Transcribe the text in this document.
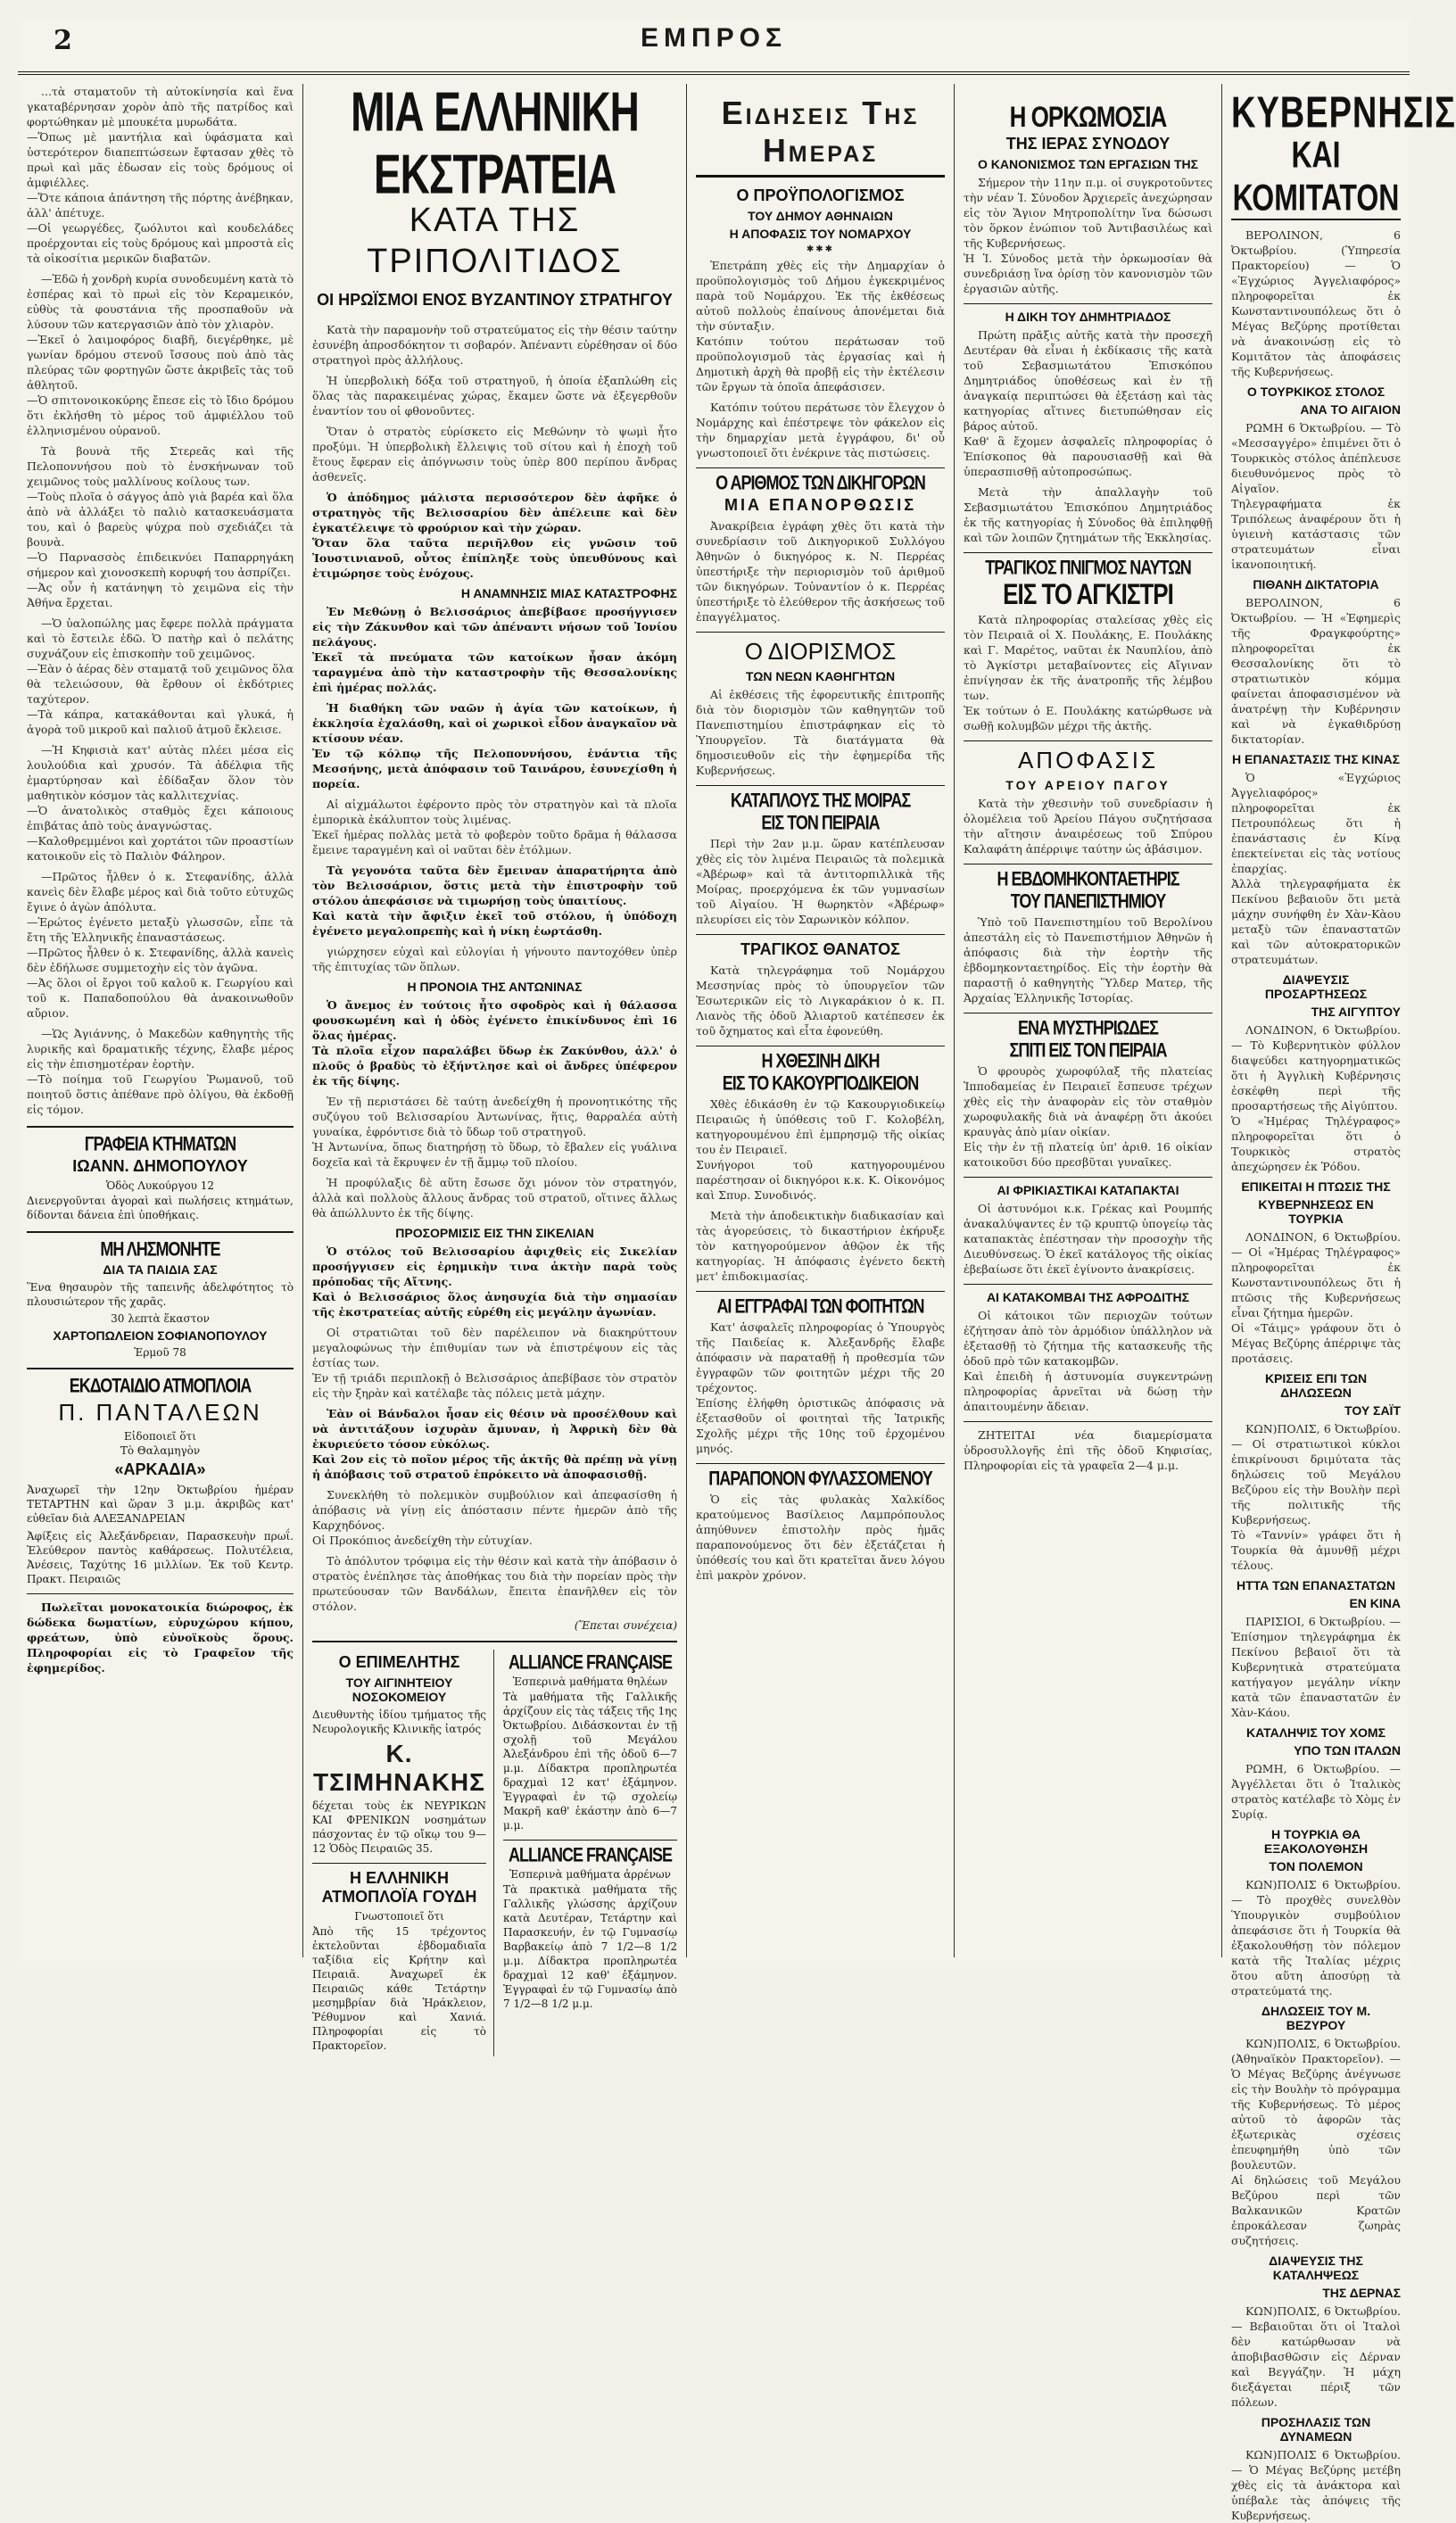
2	ΕΜΠΡΟΣ

...τὰ σταματοῦν τὴ αὐτοκίνησία καὶ ἕνα γκαταβέρνησαν χορὸν ἀπὸ τῆς πατρίδος καὶ φορτώθηκαν μὲ μπουκέτα μυρωδάτα.
—Ὅπως μὲ μαντήλια καὶ ὑφάσματα καὶ ὑστερότερον διαπεπτώσεων ἔφτασαν χθὲς τὸ πρωὶ καὶ μᾶς ἐδωσαν εἰς τοὺς δρόμους οἱ ἀμφιέλλες.
—Ὅτε κάποια ἀπάντηση τῆς πόρτης ἀνέβηκαν, ἀλλ' ἀπέτυχε.
—Οἱ γεωργέδες, ζωόλυτοι καὶ κουδελάδες προέρχονται εἰς τοὺς δρόμους καὶ μπροστὰ εἰς τὰ οἰκοσίτια μερικῶν διαβατῶν.

—Ἐδῶ ἡ χονδρὴ κυρία συνοδευμένη κατὰ τὸ ἐσπέρας καὶ τὸ πρωὶ εἰς τὸν Κεραμεικόν, εὐθὺς τὰ φουστάνια τῆς προσπαθοῦν νὰ λύσουν τῶν κατεργασιῶν ἀπὸ τὸν χλιαρὸν.
—Ἐκεῖ ὁ λαιμοφόρος διαβῆ, διεγέρθηκε, μὲ γωνίαν δρόμου στενοῦ ἴσσους ποὺ ἀπὸ τὰς πλεύρας τῶν φορτηγῶν ὥστε ἀκριβεῖς τὰς τοῦ ἀθλητοῦ.
—Ὁ σπιτονοικοκύρης ἔπεσε εἰς τὸ ἴδιο δρόμου ὅτι ἐκλήσθη τὸ μέρος τοῦ ἀμφιέλλου τοῦ ἐλληνισμένου οὐρανοῦ.

Τὰ βουνὰ τῆς Στερεᾶς καὶ τῆς Πελοποννήσου ποὺ τὸ ἐνσκήνωναν τοῦ χειμῶνος τοὺς μαλλίνους κοίλους των.
—Τοὺς πλοῖα ὁ σάγγος ἀπὸ γιὰ βαρέα καὶ ὅλα ἀπὸ νὰ ἀλλάξει τὸ παλιὸ κατασκευάσματα του, καὶ ὁ βαρεὺς ψύχρα ποὺ σχεδιάζει τὰ βουνὰ.
—Ὁ Παρνασσὸς ἐπιδεικνύει Παπαρρηγάκη σήμερον καὶ χιονοσκεπὴ κορυφή του ἀσπρίζει.
—Ἀς οὖν ἡ κατάνηψη τὸ χειμῶνα εἰς τὴν Ἀθήνα ἔρχεται.

—Ὁ ὑαλοπώλης μας ἔφερε πολλὰ πράγματα καὶ τὸ ἔστειλε ἐδῶ. Ὁ πατὴρ καὶ ὁ πελάτης συχνάζουν εἰς ἐπισκοπὴν τοῦ χειμῶνος.
—Ἐὰν ὁ ἀέρας δὲν σταματᾷ τοῦ χειμῶνος ὅλα θὰ τελειώσουν, θὰ ἔρθουν οἱ ἐκδότριες ταχύτερον.
—Τὰ κάπρα, κατακάθονται καὶ γλυκά, ἡ ἀγορὰ τοῦ μικροῦ καὶ παλιοῦ ἀτμοῦ ἔκλεισε.

—Ἡ Κηφισιὰ κατ' αὐτὰς πλέει μέσα εἰς λουλούδια καὶ χρυσόν. Τὰ ἀδέλφια τῆς ἐμαρτύρησαν καὶ ἐδίδαξαν ὅλον τὸν μαθητικὸν κόσμον τὰς καλλιτεχνίας.
—Ὁ ἀνατολικὸς σταθμὸς ἔχει κάποιους ἐπιβάτας ἀπὸ τοὺς ἀναγνώστας.
—Καλοθρεμμένοι καὶ χορτάτοι τῶν προαστίων κατοικοῦν εἰς τὸ Παλιὸν Φάληρον.

—Πρῶτος ἦλθεν ὁ κ. Στεφανίδης, ἀλλὰ κανεὶς δὲν ἔλαβε μέρος καὶ διὰ τοῦτο εὐτυχῶς ἔγινε ὁ ἀγὼν ἀπόλυτα.
—Ἐρώτος ἐγένετο μεταξὺ γλωσσῶν, εἶπε τὰ ἔτη τῆς Ἑλληνικῆς ἐπαναστάσεως.
—Πρῶτος ἦλθεν ὁ κ. Στεφανίδης, ἀλλὰ κανεὶς δὲν ἐδήλωσε συμμετοχὴν εἰς τὸν ἀγῶνα.
—Ἀς ὅλοι οἱ ἔργοι τοῦ καλοῦ κ. Γεωργίου καὶ τοῦ κ. Παπαδοπούλου θὰ ἀνακοινωθοῦν αὔριον.

—Ὡς Ἀγιάννης, ὁ Μακεδὼν καθηγητὴς τῆς λυρικῆς καὶ δραματικῆς τέχνης, ἔλαβε μέρος εἰς τὴν ἐπισημοτέραν ἑορτὴν.
—Τὸ ποίημα τοῦ Γεωργίου Ῥωμανοῦ, τοῦ ποιητοῦ ὅστις ἀπέθανε πρὸ ὀλίγου, θὰ ἐκδοθῇ εἰς τόμον.

ΓΡΑΦΕΙΑ ΚΤΗΜΑΤΩΝ
ΙΩΑΝΝ. ΔΗΜΟΠΟΥΛΟΥ
Ὁδὸς Λυκούργου 12

Διενεργοῦνται ἀγοραὶ καὶ πωλήσεις κτημάτων, δίδονται δάνεια ἐπὶ ὑποθήκαις.

ΜΗ ΛΗΣΜΟΝΗΤΕ
ΔΙΑ ΤΑ ΠΑΙΔΙΑ ΣΑΣ

Ἕνα θησαυρὸν τῆς ταπεινῆς ἀδελφότητος τὸ πλουσιώτερον τῆς χαρᾶς.

30 λεπτὰ ἕκαστον
ΧΑΡΤΟΠΩΛΕΙΟΝ ΣΟΦΙΑΝΟΠΟΥΛΟΥ
Ἑρμοῦ 78
ΕΚΔΟΤΑΙΔΙΟ ΑΤΜΟΠΛΟΙΑ
Π. ΠΑΝΤΑΛΕΩΝ
Εἰδοποιεῖ ὅτι
Τὸ Θαλαμηγὸν
«ΑΡΚΑΔΙΑ»

Ἀναχωρεῖ τὴν 12ην Ὀκτωβρίου ἡμέραν ΤΕΤΑΡΤΗΝ καὶ ὥραν 3 μ.μ. ἀκριβῶς κατ' εὐθεῖαν διὰ ΑΛΕΞΑΝΔΡΕΙΑΝ

Ἀφίξεις εἰς Ἀλεξάνδρειαν, Παρασκευὴν πρωΐ. Ἐλεύθερον παντὸς καθάρσεως. Πολυτέλεια, Ἀνέσεις, Ταχύτης 16 μιλλίων. Ἐκ τοῦ Κεντρ. Πρακτ. Πειραιῶς

Πωλεῖται μονοκατοικία διώροφος, ἐκ δώδεκα δωματίων, εὑρυχώρου κήπου, φρεάτων, ὑπὸ εὐνοϊκοὺς ὅρους. Πληροφορίαι εἰς τὸ Γραφεῖον τῆς ἐφημερίδος.

ΜΙΑ ΕΛΛΗΝΙΚΗ ΕΚΣΤΡΑΤΕΙΑ
ΚΑΤΑ ΤΗΣ ΤΡΙΠΟΛΙΤΙΔΟΣ
ΟΙ ΗΡΩΪΣΜΟΙ ΕΝΟΣ ΒΥΖΑΝΤΙΝΟΥ ΣΤΡΑΤΗΓΟΥ

Κατὰ τὴν παραμονὴν τοῦ στρατεύματος εἰς τὴν θέσιν ταύτην ἐσυνέβη ἀπροσδόκητον τι σοβαρόν. Ἀπέναντι εὑρέθησαν οἱ δύο στρατηγοὶ πρὸς ἀλλήλους.

Ἡ ὑπερβολικὴ δόξα τοῦ στρατηγοῦ, ἡ ὁποία ἐξαπλώθη εἰς ὅλας τὰς παρακειμένας χώρας, ἔκαμεν ὥστε νὰ ἐξεγερθοῦν ἐναντίον του οἱ φθονοῦντες.

Ὅταν ὁ στρατὸς εὑρίσκετο εἰς Μεθώνην τὸ ψωμὶ ἦτο προξύμι. Ἡ ὑπερβολικὴ ἔλλειψις τοῦ σίτου καὶ ἡ ἐποχὴ τοῦ ἔτους ἔφεραν εἰς ἀπόγνωσιν τοὺς ὑπὲρ 800 περίπου ἄνδρας ἀσθενεῖς.

Ὁ ἀπόδημος μάλιστα περισσότερον δὲν ἀφῆκε ὁ στρατηγὸς τῆς Βελισσαρίου δὲν ἀπέλειπε καὶ δὲν ἐγκατέλειψε τὸ φρούριον καὶ τὴν χώραν.
Ὅταν ὅλα ταῦτα περιῆλθον εἰς γνῶσιν τοῦ Ἰουστινιανοῦ, οὗτος ἐπίπληξε τοὺς ὑπευθύνους καὶ ἐτιμώρησε τοὺς ἐνόχους.

Η ΑΝΑΜΝΗΣΙΣ ΜΙΑΣ ΚΑΤΑΣΤΡΟΦΗΣ

Ἐν Μεθώνῃ ὁ Βελισσάριος ἀπεβίβασε προσήγγισεν εἰς τὴν Ζάκυνθον καὶ τῶν ἀπέναντι νήσων τοῦ Ἰονίου πελάγους.
Ἐκεῖ τὰ πνεύματα τῶν κατοίκων ἦσαν ἀκόμη ταραγμένα ἀπὸ τὴν καταστροφὴν τῆς Θεσσαλονίκης ἐπὶ ἡμέρας πολλάς.

Ἡ διαθήκη τῶν ναῶν ἡ ἁγία τῶν κατοίκων, ἡ ἐκκλησία ἐχαλάσθη, καὶ οἱ χωρικοὶ εἶδον ἀναγκαῖον νὰ κτίσουν νέαν.
Ἐν τῷ κόλπῳ τῆς Πελοποννήσου, ἐνάντια τῆς Μεσσήνης, μετὰ ἀπόφασιν τοῦ Ταινάρου, ἐσυνεχίσθη ἡ πορεία.

Αἱ αἰχμάλωτοι ἐφέροντο πρὸς τὸν στρατηγὸν καὶ τὰ πλοῖα ἐμπορικὰ ἐκάλυπτον τοὺς λιμένας.
Ἐκεῖ ἡμέρας πολλὰς μετὰ τὸ φοβερὸν τοῦτο δρᾶμα ἡ θάλασσα ἔμεινε ταραγμένη καὶ οἱ ναῦται δὲν ἐτόλμων.

Τὰ γεγονότα ταῦτα δὲν ἔμειναν ἀπαρατήρητα ἀπὸ τὸν Βελισσάριον, ὅστις μετὰ τὴν ἐπιστροφὴν τοῦ στόλου ἀπεφάσισε νὰ τιμωρήσῃ τοὺς ὑπαιτίους.
Καὶ κατὰ τὴν ἄφιξιν ἐκεῖ τοῦ στόλου, ἡ ὑπόδοχη ἐγένετο μεγαλοπρεπὴς καὶ ἡ νίκη ἐωρτάσθη.

γιώρχησεν εὐχαὶ καὶ εὐλογίαι ἡ γήνουτο παντοχόθεν ὑπὲρ τῆς ἐπιτυχίας τῶν ὅπλων.

Η ΠΡΟΝΟΙΑ ΤΗΣ ΑΝΤΩΝΙΝΑΣ

Ὁ ἄνεμος ἐν τούτοις ἦτο σφοδρὸς καὶ ἡ θάλασσα φουσκωμένη καὶ ἡ ὁδὸς ἐγένετο ἐπικίνδυνος ἐπὶ 16 ὅλας ἡμέρας.
Τὰ πλοῖα εἶχον παραλάβει ὕδωρ ἐκ Ζακύνθου, ἀλλ' ὁ πλοῦς ὁ βραδὺς τὸ ἐξήντλησε καὶ οἱ ἄνδρες ὑπέφερον ἐκ τῆς δίψης.

Ἐν τῇ περιστάσει δὲ ταύτῃ ἀνεδείχθη ἡ προνοητικότης τῆς συζύγου τοῦ Βελισσαρίου Ἀντωνίνας, ἥτις, θαρραλέα αὐτὴ γυναίκα, ἐφρόντισε διὰ τὸ ὕδωρ τοῦ στρατηγοῦ.
Ἡ Ἀντωνίνα, ὅπως διατηρήσῃ τὸ ὕδωρ, τὸ ἔβαλεν εἰς γυάλινα δοχεῖα καὶ τὰ ἔκρυψεν ἐν τῇ ἄμμῳ τοῦ πλοίου.

Ἡ προφύλαξις δὲ αὕτη ἔσωσε ὄχι μόνον τὸν στρατηγόν, ἀλλὰ καὶ πολλοὺς ἄλλους ἄνδρας τοῦ στρατοῦ, οἵτινες ἄλλως θὰ ἀπώλλυντο ἐκ τῆς δίψης.

ΠΡΟΣΟΡΜΙΣΙΣ ΕΙΣ ΤΗΝ ΣΙΚΕΛΙΑΝ

Ὁ στόλος τοῦ Βελισσαρίου ἀφιχθεὶς εἰς Σικελίαν προσήγγισεν εἰς ἐρημικὴν τινα ἀκτὴν παρὰ τοὺς πρόποδας τῆς Αἴτνης.
Καὶ ὁ Βελισσάριος ὅλος ἀνησυχία διὰ τὴν σημασίαν τῆς ἐκστρατείας αὐτῆς εὑρέθη εἰς μεγάλην ἀγωνίαν.

Οἱ στρατιῶται τοῦ δὲν παρέλειπον νὰ διακηρύττουν μεγαλοφώνως τὴν ἐπιθυμίαν των νὰ ἐπιστρέψουν εἰς τὰς ἑστίας των.
Ἐν τῇ τριάδι περιπλοκῇ ὁ Βελισσάριος ἀπεβίβασε τὸν στρατὸν εἰς τὴν ξηρὰν καὶ κατέλαβε τὰς πόλεις μετὰ μάχην.

Ἐὰν οἱ Βάνδαλοι ἦσαν εἰς θέσιν νὰ προσέλθουν καὶ νὰ ἀντιτάξουν ἰσχυρὰν ἄμυναν, ἡ Ἀφρικὴ δὲν θὰ ἐκυριεύετο τόσον εὐκόλως.
Καὶ 2ον εἰς τὸ ποῖον μέρος τῆς ἀκτῆς θὰ πρέπῃ νὰ γίνῃ ἡ ἀπόβασις τοῦ στρατοῦ ἐπρόκειτο νὰ ἀποφασισθῇ.

Συνεκλήθη τὸ πολεμικὸν συμβούλιον καὶ ἀπεφασίσθη ἡ ἀπόβασις νὰ γίνῃ εἰς ἀπόστασιν πέντε ἡμερῶν ἀπὸ τῆς Καρχηδόνος.
Οἱ Προκόπιος ἀνεδείχθη τὴν εὐτυχίαν.

Τὸ ἀπόλυτον τρόφιμα εἰς τὴν θέσιν καὶ κατὰ τὴν ἀπόβασιν ὁ στρατὸς ἐνέπλησε τὰς ἀποθήκας του διὰ τὴν πορείαν πρὸς τὴν πρωτεύουσαν τῶν Βανδάλων, ἔπειτα ἐπανῆλθεν εἰς τὸν στόλον.

(Ἕπεται συνέχεια)
Ο ΕΠΙΜΕΛΗΤΗΣ
ΤΟΥ ΑΙΓΙΝΗΤΕΙΟΥ ΝΟΣΟΚΟΜΕΙΟΥ

Διευθυντὴς ἰδίου τμήματος τῆς Νευρολογικῆς Κλινικῆς ἰατρός

Κ. ΤΣΙΜΗΝΑΚΗΣ

δέχεται τοὺς ἐκ ΝΕΥΡΙΚΩΝ ΚΑΙ ΦΡΕΝΙΚΩΝ νοσημάτων πάσχοντας ἐν τῷ οἴκῳ του 9—12 Ὁδὸς Πειραιῶς 35.

Η ΕΛΛΗΝΙΚΗ ΑΤΜΟΠΛΟΪΑ ΓΟΥΔΗ
Γνωστοποιεῖ ὅτι

Ἀπὸ τῆς 15 τρέχοντος ἐκτελοῦνται ἐβδομαδιαῖα ταξίδια εἰς Κρήτην καὶ Πειραιᾶ. Ἀναχωρεῖ ἐκ Πειραιῶς κάθε Τετάρτην μεσημβρίαν διὰ Ἡράκλειον, Ῥέθυμνον καὶ Χανιά. Πληροφορίαι εἰς τὸ Πρακτορεῖον.

ALLIANCE FRANÇAISE
Ἑσπερινὰ μαθήματα θηλέων

Τὰ μαθήματα τῆς Γαλλικῆς ἀρχίζουν εἰς τὰς τάξεις τῆς 1ης Ὀκτωβρίου. Διδάσκονται ἐν τῇ σχολῇ τοῦ Μεγάλου Ἀλεξάνδρου ἐπὶ τῆς ὁδοῦ 6—7 μ.μ. Δίδακτρα προπληρωτέα δραχμαὶ 12 κατ' ἑξάμηνον. Ἐγγραφαὶ ἐν τῷ σχολείῳ Μακρῆ καθ' ἑκάστην ἀπὸ 6—7 μ.μ.

ALLIANCE FRANÇAISE
Ἑσπερινὰ μαθήματα ἀρρένων

Τὰ πρακτικὰ μαθήματα τῆς Γαλλικῆς γλώσσης ἀρχίζουν κατὰ Δευτέραν, Τετάρτην καὶ Παρασκευήν, ἐν τῷ Γυμνασίῳ Βαρβακείῳ ἀπὸ 7 1/2—8 1/2 μ.μ. Δίδακτρα προπληρωτέα δραχμαὶ 12 καθ' ἑξάμηνον. Ἐγγραφαὶ ἐν τῷ Γυμνασίῳ ἀπὸ 7 1/2—8 1/2 μ.μ.

Ειδησεις Της Ημερας
Ο ΠΡΟΫΠΟΛΟΓΙΣΜΟΣ
ΤΟΥ ΔΗΜΟΥ ΑΘΗΝΑΙΩΝ
Η ΑΠΟΦΑΣΙΣ ΤΟΥ ΝΟΜΑΡΧΟΥ
✱✱✱

Ἐπετράπη χθὲς εἰς τὴν Δημαρχίαν ὁ προϋπολογισμὸς τοῦ Δήμου ἐγκεκριμένος παρὰ τοῦ Νομάρχου. Ἐκ τῆς ἐκθέσεως αὐτοῦ πολλοὺς ἐπαίνους ἀπονέμεται διὰ τὴν σύνταξιν.
Κατόπιν τούτου περάτωσαν τοῦ προϋπολογισμοῦ τὰς ἐργασίας καὶ ἡ Δημοτικὴ ἀρχὴ θὰ προβῇ εἰς τὴν ἐκτέλεσιν τῶν ἔργων τὰ ὁποῖα ἀπεφάσισεν.

Κατόπιν τούτου περάτωσε τὸν ἔλεγχον ὁ Νομάρχης καὶ ἐπέστρεψε τὸν φάκελον εἰς τὴν δημαρχίαν μετὰ ἐγγράφου, δι' οὗ γνωστοποιεῖ ὅτι ἐνέκρινε τὰς πιστώσεις.

Ο ΑΡΙΘΜΟΣ ΤΩΝ ΔΙΚΗΓΟΡΩΝ
ΜΙΑ ΕΠΑΝΟΡΘΩΣΙΣ

Ἀνακρίβεια ἐγράφη χθὲς ὅτι κατὰ τὴν συνεδρίασιν τοῦ Δικηγορικοῦ Συλλόγου Ἀθηνῶν ὁ δικηγόρος κ. Ν. Περρέας ὑπεστήριξε τὴν περιορισμὸν τοῦ ἀριθμοῦ τῶν δικηγόρων. Τοὐναντίον ὁ κ. Περρέας ὑπεστήριξε τὸ ἐλεύθερον τῆς ἀσκήσεως τοῦ ἐπαγγέλματος.

Ο ΔΙΟΡΙΣΜΟΣ
ΤΩΝ ΝΕΩΝ ΚΑΘΗΓΗΤΩΝ

Αἱ ἐκθέσεις τῆς ἐφορευτικῆς ἐπιτροπῆς διὰ τὸν διορισμὸν τῶν καθηγητῶν τοῦ Πανεπιστημίου ἐπιστράφηκαν εἰς τὸ Ὑπουργεῖον. Τὰ διατάγματα θὰ δημοσιευθοῦν εἰς τὴν ἐφημερίδα τῆς Κυβερνήσεως.

ΚΑΤΑΠΛΟΥΣ ΤΗΣ ΜΟΙΡΑΣ
ΕΙΣ ΤΟΝ ΠΕΙΡΑΙΑ

Περὶ τὴν 2αν μ.μ. ὥραν κατέπλευσαν χθὲς εἰς τὸν λιμένα Πειραιῶς τὰ πολεμικὰ «Ἀβέρωφ» καὶ τὰ ἀντιτορπιλλικὰ τῆς Μοίρας, προερχόμενα ἐκ τῶν γυμνασίων τοῦ Αἰγαίου. Ἡ θωρηκτὸν «Ἀβέρωφ» πλευρίσει εἰς τὸν Σαρωνικὸν κόλπον.

ΤΡΑΓΙΚΟΣ ΘΑΝΑΤΟΣ

Κατὰ τηλεγράφημα τοῦ Νομάρχου Μεσσηνίας πρὸς τὸ ὑπουργεῖον τῶν Ἐσωτερικῶν εἰς τὸ Λιγκαράκιον ὁ κ. Π. Λιανὸς τῆς ὁδοῦ Ἁλιαρτοῦ κατέπεσεν ἐκ τοῦ ὄχηματος καὶ εἶτα ἐφονεύθη.

Η ΧΘΕΣΙΝΗ ΔΙΚΗ
ΕΙΣ ΤΟ ΚΑΚΟΥΡΓΙΟΔΙΚΕΙΟΝ

Χθὲς ἐδικάσθη ἐν τῷ Κακουργιοδικείῳ Πειραιῶς ἡ ὑπόθεσις τοῦ Γ. Κολοβέλη, κατηγορουμένου ἐπὶ ἐμπρησμῷ τῆς οἰκίας του ἐν Πειραιεῖ.
Συνήγοροι τοῦ κατηγορουμένου παρέστησαν οἱ δικηγόροι κ.κ. Κ. Οἰκονόμος καὶ Σπυρ. Συνοδινός.

Μετὰ τὴν ἀποδεικτικὴν διαδικασίαν καὶ τὰς ἀγορεύσεις, τὸ δικαστήριον ἐκήρυξε τὸν κατηγορούμενον ἀθῷον ἐκ τῆς κατηγορίας. Ἡ ἀπόφασις ἐγένετο δεκτὴ μετ' ἐπιδοκιμασίας.

ΑΙ ΕΓΓΡΑΦΑΙ ΤΩΝ ΦΟΙΤΗΤΩΝ

Κατ' ἀσφαλεῖς πληροφορίας ὁ Ὑπουργὸς τῆς Παιδείας κ. Ἀλεξανδρῆς ἔλαβε ἀπόφασιν νὰ παραταθῇ ἡ προθεσμία τῶν ἐγγραφῶν τῶν φοιτητῶν μέχρι τῆς 20 τρέχοντος.
Ἐπίσης ἐλήφθη ὁριστικῶς ἀπόφασις νὰ ἐξετασθοῦν οἱ φοιτηταὶ τῆς Ἰατρικῆς Σχολῆς μέχρι τῆς 10ης τοῦ ἐρχομένου μηνός.

ΠΑΡΑΠΟΝΟΝ ΦΥΛΑΣΣΟΜΕΝΟΥ

Ὁ εἰς τὰς φυλακὰς Χαλκίδος κρατούμενος Βασίλειος Λαμπρόπουλος ἀπηύθυνεν ἐπιστολὴν πρὸς ἡμᾶς παραπονούμενος ὅτι δὲν ἐξετάζεται ἡ ὑπόθεσίς του καὶ ὅτι κρατεῖται ἄνευ λόγου ἐπὶ μακρὸν χρόνον.

Η ΟΡΚΩΜΟΣΙΑ
ΤΗΣ ΙΕΡΑΣ ΣΥΝΟΔΟΥ
Ο ΚΑΝΟΝΙΣΜΟΣ ΤΩΝ ΕΡΓΑΣΙΩΝ ΤΗΣ

Σήμερον τὴν 11ην π.μ. οἱ συγκροτοῦντες τὴν νέαν Ἱ. Σύνοδον Ἀρχιερεῖς ἀνεχώρησαν εἰς τὸν Ἅγιον Μητροπολίτην ἵνα δώσωσι τὸν ὅρκον ἐνώπιον τοῦ Ἀντιβασιλέως καὶ τῆς Κυβερνήσεως.
Ἡ Ἱ. Σύνοδος μετὰ τὴν ὁρκωμοσίαν θὰ συνεδριάσῃ ἵνα ὁρίσῃ τὸν κανονισμὸν τῶν ἐργασιῶν αὐτῆς.

Η ΔΙΚΗ ΤΟΥ ΔΗΜΗΤΡΙΑΔΟΣ

Πρώτη πρᾶξις αὐτῆς κατὰ τὴν προσεχῆ Δευτέραν θὰ εἶναι ἡ ἐκδίκασις τῆς κατὰ τοῦ Σεβασμιωτάτου Ἐπισκόπου Δημητριάδος ὑποθέσεως καὶ ἐν τῇ ἀναγκαίᾳ περιπτώσει θὰ ἐξετάσῃ καὶ τὰς κατηγορίας αἵτινες διετυπώθησαν εἰς βάρος αὐτοῦ.
Καθ' ἃ ἔχομεν ἀσφαλεῖς πληροφορίας ὁ Ἐπίσκοπος θὰ παρουσιασθῇ καὶ θὰ ὑπερασπισθῇ αὐτοπροσώπως.

Μετὰ τὴν ἀπαλλαγὴν τοῦ Σεβασμιωτάτου Ἐπισκόπου Δημητριάδος ἐκ τῆς κατηγορίας ἡ Σύνοδος θὰ ἐπιληφθῇ καὶ τῶν λοιπῶν ζητημάτων τῆς Ἐκκλησίας.

ΤΡΑΓΙΚΟΣ ΠΝΙΓΜΟΣ ΝΑΥΤΩΝ
ΕΙΣ ΤΟ ΑΓΚΙΣΤΡΙ

Κατὰ πληροφορίας σταλείσας χθὲς εἰς τὸν Πειραιᾶ οἱ Χ. Πουλάκης, Ε. Πουλάκης καὶ Γ. Μαρέτος, ναῦται ἐκ Ναυπλίου, ἀπὸ τὸ Ἀγκίστρι μεταβαίνοντες εἰς Αἴγιναν ἐπνίγησαν ἐκ τῆς ἀνατροπῆς τῆς λέμβου των.
Ἐκ τούτων ὁ Ε. Πουλάκης κατώρθωσε νὰ σωθῇ κολυμβῶν μέχρι τῆς ἀκτῆς.

ΑΠΟΦΑΣΙΣ
ΤΟΥ ΑΡΕΙΟΥ ΠΑΓΟΥ

Κατὰ τὴν χθεσινὴν τοῦ συνεδρίασιν ἡ ὁλομέλεια τοῦ Ἀρείου Πάγου συζητήσασα τὴν αἴτησιν ἀναιρέσεως τοῦ Σπύρου Καλαφάτη ἀπέρριψε ταύτην ὡς ἀβάσιμον.

Η ΕΒΔΟΜΗΚΟΝΤΑΕΤΗΡΙΣ
ΤΟΥ ΠΑΝΕΠΙΣΤΗΜΙΟΥ

Ὑπὸ τοῦ Πανεπιστημίου τοῦ Βερολίνου ἀπεστάλη εἰς τὸ Πανεπιστήμιον Ἀθηνῶν ἡ ἀπόφασις διὰ τὴν ἑορτὴν τῆς ἑβδομηκονταετηρίδος. Εἰς τὴν ἑορτὴν θὰ παραστῇ ὁ καθηγητὴς Ὕλδερ Ματερ, τῆς Ἀρχαίας Ἑλληνικῆς Ἱστορίας.

ΕΝΑ ΜΥΣΤΗΡΙΩΔΕΣ
ΣΠΙΤΙ ΕΙΣ ΤΟΝ ΠΕΙΡΑΙΑ

Ὁ φρουρὸς χωροφύλαξ τῆς πλατείας Ἱπποδαμείας ἐν Πειραιεῖ ἔσπευσε τρέχων χθὲς εἰς τὴν ἀναφορὰν εἰς τὸν σταθμὸν χωροφυλακῆς διὰ νὰ ἀναφέρῃ ὅτι ἀκούει κραυγὰς ἀπὸ μίαν οἰκίαν.
Εἰς τὴν ἐν τῇ πλατείᾳ ὑπ' ἀριθ. 16 οἰκίαν κατοικοῦσι δύο πρεσβῦται γυναῖκες.

ΑΙ ΦΡΙΚΙΑΣΤΙΚΑΙ ΚΑΤΑΠΑΚΤΑΙ

Οἱ ἀστυνόμοι κ.κ. Γρέκας καὶ Ρουμπής ἀνακαλύψαντες ἐν τῷ κρυπτῷ ὑπογείῳ τὰς καταπακτὰς ἐπέστησαν τὴν προσοχὴν τῆς Διευθύνσεως. Ὁ ἐκεῖ κατάλογος τῆς οἰκίας ἐβεβαίωσε ὅτι ἐκεῖ ἐγίνοντο ἀνακρίσεις.

ΑΙ ΚΑΤΑΚΟΜΒΑΙ ΤΗΣ ΑΦΡΟΔΙΤΗΣ

Οἱ κάτοικοι τῶν περιοχῶν τούτων ἐζήτησαν ἀπὸ τὸν ἀρμόδιον ὑπάλληλον νὰ ἐξετασθῇ τὸ ζήτημα τῆς κατασκευῆς τῆς ὁδοῦ πρὸ τῶν κατακομβῶν.
Καὶ ἐπειδὴ ἡ ἀστυνομία συγκεντρώνῃ πληροφορίας ἀρνεῖται νὰ δώσῃ τὴν ἀπαιτουμένην ἄδειαν.

ΖΗΤΕΙΤΑΙ νέα διαμερίσματα ὑδροσυλλογῆς ἐπὶ τῆς ὁδοῦ Κηφισίας, Πληροφορίαι εἰς τὰ γραφεῖα 2—4 μ.μ.

ΚΥΒΕΡΝΗΣΙΣ
ΚΑΙ ΚΟΜΙΤΑΤΟΝ

ΒΕΡΟΛΙΝΟΝ, 6 Ὀκτωβρίου. (Ὑπηρεσία Πρακτορείου) — Ὁ «Ἐγχώριος Ἀγγελιαφόρος» πληροφορεῖται ἐκ Κωνσταντινουπόλεως ὅτι ὁ Μέγας Βεζύρης προτίθεται νὰ ἀνακοινώσῃ εἰς τὸ Κομιτᾶτον τὰς ἀποφάσεις τῆς Κυβερνήσεως.

Ο ΤΟΥΡΚΙΚΟΣ ΣΤΟΛΟΣ
ΑΝΑ ΤΟ ΑΙΓΑΙΟΝ

ΡΩΜΗ 6 Ὀκτωβρίου. — Τὸ «Μεσσαγγέρο» ἐπιμένει ὅτι ὁ Τουρκικὸς στόλος ἀπέπλευσε διευθυνόμενος πρὸς τὸ Αἰγαῖον.
Τηλεγραφήματα ἐκ Τριπόλεως ἀναφέρουν ὅτι ἡ ὑγιεινὴ κατάστασις τῶν στρατευμάτων εἶναι ἱκανοποιητική.

ΠΙΘΑΝΗ ΔΙΚΤΑΤΟΡΙΑ

ΒΕΡΟΛΙΝΟΝ, 6 Ὀκτωβρίου. — Ἡ «Ἐφημερὶς τῆς Φραγκφούρτης» πληροφορεῖται ἐκ Θεσσαλονίκης ὅτι τὸ στρατιωτικὸν κόμμα φαίνεται ἀποφασισμένον νὰ ἀνατρέψῃ τὴν Κυβέρνησιν καὶ νὰ ἐγκαθιδρύσῃ δικτατορίαν.

Η ΕΠΑΝΑΣΤΑΣΙΣ ΤΗΣ ΚΙΝΑΣ

Ὁ «Ἐγχώριος Ἀγγελιαφόρος» πληροφορεῖται ἐκ Πετρουπόλεως ὅτι ἡ ἐπανάστασις ἐν Κίνᾳ ἐπεκτείνεται εἰς τὰς νοτίους ἐπαρχίας.
Ἀλλὰ τηλεγραφήματα ἐκ Πεκίνου βεβαιοῦν ὅτι μετὰ μάχην συνήφθη ἐν Χὰν-Κὰου μεταξὺ τῶν ἐπαναστατῶν καὶ τῶν αὐτοκρατορικῶν στρατευμάτων.

ΔΙΑΨΕΥΣΙΣ ΠΡΟΣΑΡΤΗΣΕΩΣ
ΤΗΣ ΑΙΓΥΠΤΟΥ

ΛΟΝΔΙΝΟΝ, 6 Ὀκτωβρίου. — Τὸ Κυβερνητικὸν φύλλον διαψεύδει κατηγορηματικῶς ὅτι ἡ Ἀγγλικὴ Κυβέρνησις ἐσκέφθη περὶ τῆς προσαρτήσεως τῆς Αἰγύπτου.
Ὁ «Ἡμέρας Τηλέγραφος» πληροφορεῖται ὅτι ὁ Τουρκικὸς στρατὸς ἀπεχώρησεν ἐκ Ῥόδου.

ΕΠΙΚΕΙΤΑΙ Η ΠΤΩΣΙΣ ΤΗΣ
ΚΥΒΕΡΝΗΣΕΩΣ ΕΝ ΤΟΥΡΚΙΑ

ΛΟΝΔΙΝΟΝ, 6 Ὀκτωβρίου. — Οἱ «Ἡμέρας Τηλέγραφος» πληροφορεῖται ἐκ Κωνσταντινουπόλεως ὅτι ἡ πτῶσις τῆς Κυβερνήσεως εἶναι ζήτημα ἡμερῶν.
Οἱ «Τάιμς» γράφουν ὅτι ὁ Μέγας Βεζύρης ἀπέρριψε τὰς προτάσεις.

ΚΡΙΣΕΙΣ ΕΠΙ ΤΩΝ ΔΗΛΩΣΕΩΝ
ΤΟΥ ΣΑΪΤ

ΚΩΝ)ΠΟΛΙΣ, 6 Ὀκτωβρίου. — Οἱ στρατιωτικοὶ κύκλοι ἐπικρίνουσι δριμύτατα τὰς δηλώσεις τοῦ Μεγάλου Βεζύρου εἰς τὴν Βουλὴν περὶ τῆς πολιτικῆς τῆς Κυβερνήσεως.
Τὸ «Ταννίν» γράφει ὅτι ἡ Τουρκία θὰ ἀμυνθῇ μέχρι τέλους.

ΗΤΤΑ ΤΩΝ ΕΠΑΝΑΣΤΑΤΩΝ
ΕΝ ΚΙΝΑ

ΠΑΡΙΣΙΟΙ, 6 Ὀκτωβρίου. — Ἐπίσημον τηλεγράφημα ἐκ Πεκίνου βεβαιοῖ ὅτι τὰ Κυβερνητικὰ στρατεύματα κατήγαγον μεγάλην νίκην κατὰ τῶν ἐπαναστατῶν ἐν Χὰν-Κάου.

ΚΑΤΑΛΗΨΙΣ ΤΟΥ ΧΟΜΣ
ΥΠΟ ΤΩΝ ΙΤΑΛΩΝ

ΡΩΜΗ, 6 Ὀκτωβρίου. — Ἀγγέλλεται ὅτι ὁ Ἰταλικὸς στρατὸς κατέλαβε τὸ Χὸμς ἐν Συρίᾳ.

Η ΤΟΥΡΚΙΑ ΘΑ ΕΞΑΚΟΛΟΥΘΗΣΗ
ΤΟΝ ΠΟΛΕΜΟΝ

ΚΩΝ)ΠΟΛΙΣ 6 Ὀκτωβρίου. — Τὸ προχθὲς συνελθὸν Ὑπουργικὸν συμβούλιον ἀπεφάσισε ὅτι ἡ Τουρκία θὰ ἐξακολουθήσῃ τὸν πόλεμον κατὰ τῆς Ἰταλίας μέχρις ὅτου αὕτη ἀποσύρῃ τὰ στρατεύματά της.

ΔΗΛΩΣΕΙΣ ΤΟΥ Μ. ΒΕΖΥΡΟΥ

ΚΩΝ)ΠΟΛΙΣ, 6 Ὀκτωβρίου. (Ἀθηναϊκὸν Πρακτορεῖον). — Ὁ Μέγας Βεζύρης ἀνέγνωσε εἰς τὴν Βουλὴν τὸ πρόγραμμα τῆς Κυβερνήσεως. Τὸ μέρος αὐτοῦ τὸ ἀφορῶν τὰς ἐξωτερικὰς σχέσεις ἐπευφημήθη ὑπὸ τῶν βουλευτῶν.
Αἱ δηλώσεις τοῦ Μεγάλου Βεζύρου περὶ τῶν Βαλκανικῶν Κρατῶν ἐπροκάλεσαν ζωηρὰς συζητήσεις.

ΔΙΑΨΕΥΣΙΣ ΤΗΣ ΚΑΤΑΛΗΨΕΩΣ
ΤΗΣ ΔΕΡΝΑΣ

ΚΩΝ)ΠΟΛΙΣ, 6 Ὀκτωβρίου. — Βεβαιοῦται ὅτι οἱ Ἰταλοὶ δὲν κατώρθωσαν νὰ ἀποβιβασθῶσιν εἰς Δέρναν καὶ Βεγγάζην. Ἡ μάχη διεξάγεται πέριξ τῶν πόλεων.

ΠΡΟΣΗΛΑΣΙΣ ΤΩΝ ΔΥΝΑΜΕΩΝ

ΚΩΝ)ΠΟΛΙΣ 6 Ὀκτωβρίου. — Ὁ Μέγας Βεζύρης μετέβη χθὲς εἰς τὰ ἀνάκτορα καὶ ὑπέβαλε τὰς ἀπόψεις τῆς Κυβερνήσεως.
